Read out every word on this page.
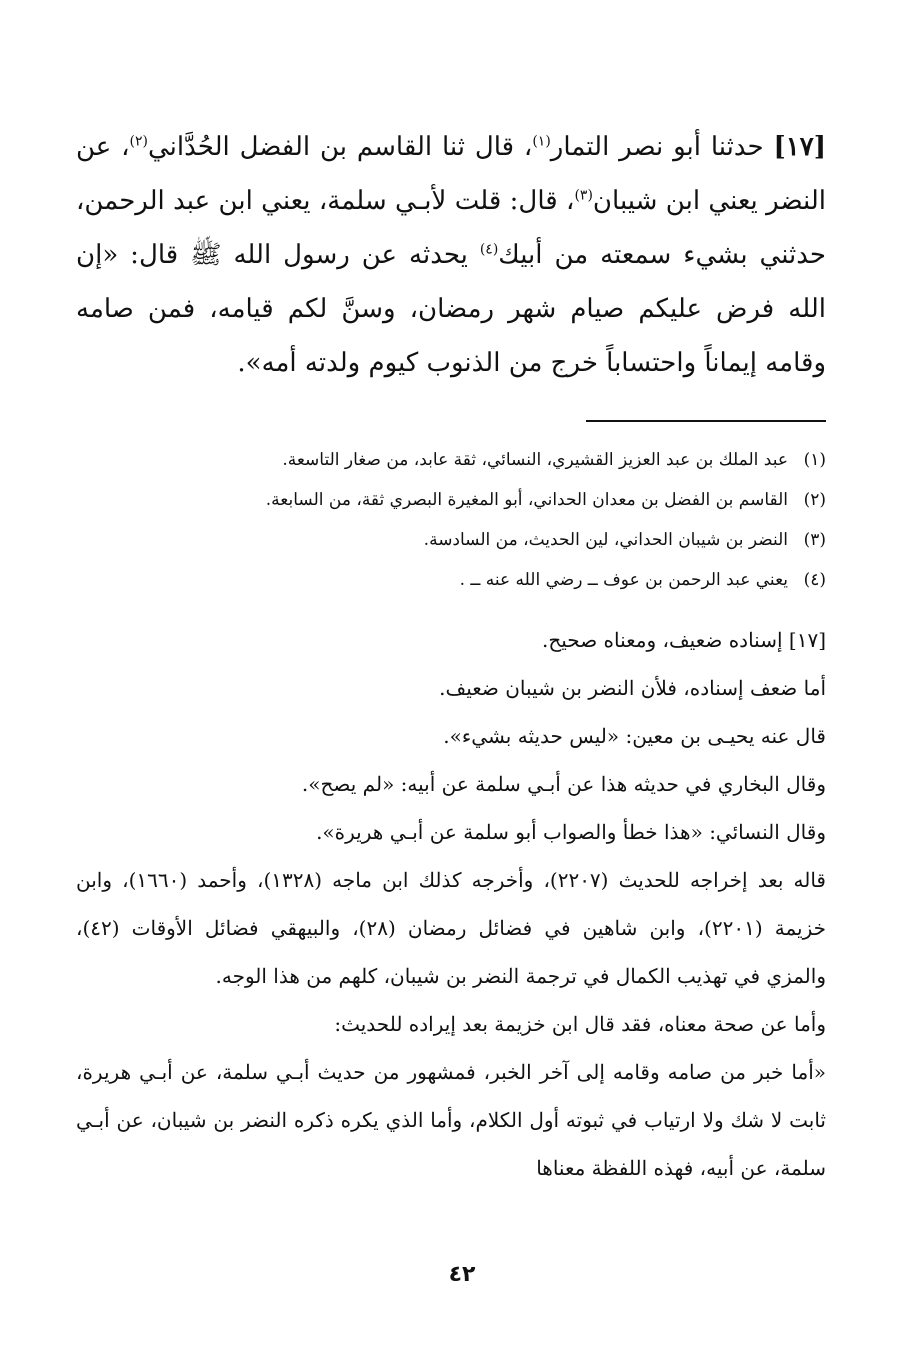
[١٧] حدثنا أبو نصر التمار$^{(١)}$، قال ثنا القاسم بن الفضل الحُدَّاني$^{(٢)}$، عن النضر يعني ابن شيبان$^{(٣)}$، قال: قلت لأبـي سلمة، يعني ابن عبد الرحمن، حدثني بشيء سمعته من أبيك$^{(٤)}$ يحدثه عن رسول الله ﷺ قال: «إن الله فرض عليكم صيام شهر رمضان، وسنَّ لكم قيامه، فمن صامه وقامه إيماناً واحتساباً خرج من الذنوب كيوم ولدته أمه».

(١)
عبد الملك بن عبد العزيز القشيري، النسائي، ثقة عابد، من صغار التاسعة.
(٢)
القاسم بن الفضل بن معدان الحداني، أبو المغيرة البصري ثقة، من السابعة.
(٣)
النضر بن شيبان الحداني، لين الحديث، من السادسة.
(٤)
يعني عبد الرحمن بن عوف ــ رضي الله عنه ــ .

[١٧] إسناده ضعيف، ومعناه صحيح.

أما ضعف إسناده، فلأن النضر بن شيبان ضعيف.

قال عنه يحيـى بن معين: «ليس حديثه بشيء».

وقال البخاري في حديثه هذا عن أبـي سلمة عن أبيه: «لم يصح».

وقال النسائي: «هذا خطأ والصواب أبو سلمة عن أبـي هريرة».

قاله بعد إخراجه للحديث (٢٢٠٧)، وأخرجه كذلك ابن ماجه (١٣٢٨)، وأحمد (١٦٦٠)، وابن خزيمة (٢٢٠١)، وابن شاهين في فضائل رمضان (٢٨)، والبيهقي فضائل الأوقات (٤٢)، والمزي في تهذيب الكمال في ترجمة النضر بن شيبان، كلهم من هذا الوجه.

وأما عن صحة معناه، فقد قال ابن خزيمة بعد إيراده للحديث:

«أما خبر من صامه وقامه إلى آخر الخبر، فمشهور من حديث أبـي سلمة، عن أبـي هريرة، ثابت لا شك ولا ارتياب في ثبوته أول الكلام، وأما الذي يكره ذكره النضر بن شيبان، عن أبـي سلمة، عن أبيه، فهذه اللفظة معناها

٤٢
